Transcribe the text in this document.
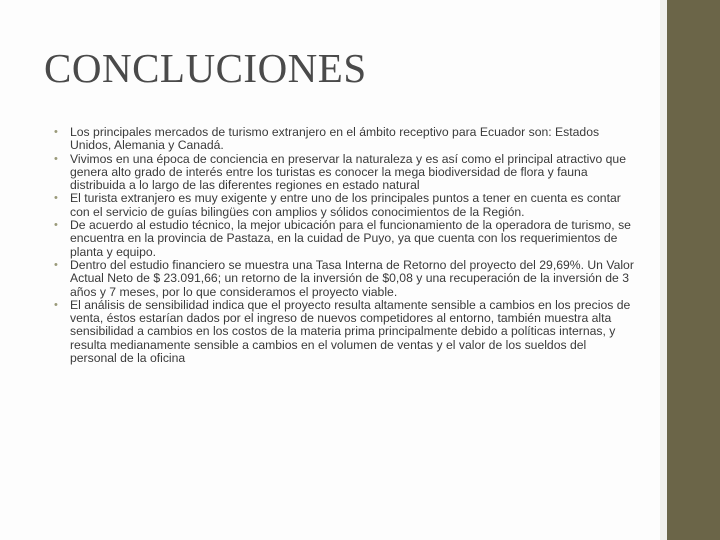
CONCLUCIONES
• Los principales mercados de turismo extranjero en el ámbito receptivo para Ecuador son: Estados Unidos, Alemania y Canadá.
• Vivimos en una época de conciencia en preservar la naturaleza y es así como el principal atractivo que genera alto grado de interés entre los turistas es conocer la mega biodiversidad de flora y fauna distribuida a lo largo de las diferentes regiones en estado natural
• El turista extranjero es muy exigente y entre uno de los principales puntos a tener en cuenta es contar con el servicio de guías bilingües con amplios y sólidos conocimientos de la Región.
• De acuerdo al estudio técnico, la mejor ubicación para el funcionamiento de la operadora de turismo, se encuentra en la provincia de Pastaza, en la cuidad de Puyo, ya que cuenta con los requerimientos de planta y equipo.
• Dentro del estudio financiero se muestra una Tasa Interna de Retorno del proyecto del 29,69%. Un Valor Actual Neto de $ 23.091,66; un retorno de la inversión de $0,08 y una recuperación de la inversión de 3 años y 7 meses, por lo que consideramos el proyecto viable.
• El análisis de sensibilidad indica que el proyecto resulta altamente sensible a cambios en los precios de venta, éstos estarían dados por el ingreso de nuevos competidores al entorno, también muestra alta sensibilidad a cambios en los costos de la materia prima principalmente debido a políticas internas, y resulta medianamente sensible a cambios en el volumen de ventas y el valor de los sueldos del personal de la oficina
